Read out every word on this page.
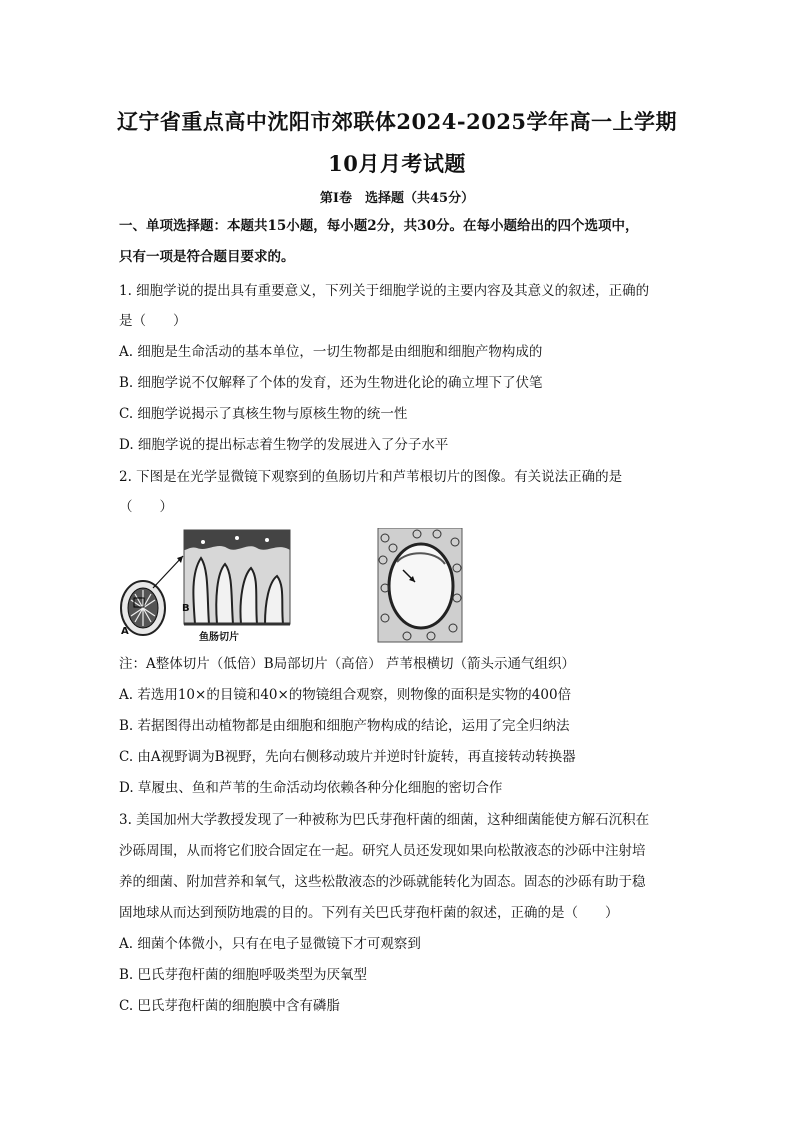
辽宁省重点高中沈阳市郊联体2024-2025学年高一上学期
10月月考试题
第Ⅰ卷　选择题（共45分）
一、单项选择题：本题共15小题，每小题2分，共30分。在每小题给出的四个选项中，
只有一项是符合题目要求的。
1. 细胞学说的提出具有重要意义，下列关于细胞学说的主要内容及其意义的叙述，正确的
是（　　）
A. 细胞是生命活动的基本单位，一切生物都是由细胞和细胞产物构成的
B. 细胞学说不仅解释了个体的发育，还为生物进化论的确立埋下了伏笔
C. 细胞学说揭示了真核生物与原核生物的统一性
D. 细胞学说的提出标志着生物学的发展进入了分子水平
2. 下图是在光学显微镜下观察到的鱼肠切片和芦苇根切片的图像。有关说法正确的是
（　　）
A
B
鱼肠切片
注：A整体切片（低倍）B局部切片（高倍） 芦苇根横切（箭头示通气组织）
A. 若选用10×的目镜和40×的物镜组合观察，则物像的面积是实物的400倍
B. 若据图得出动植物都是由细胞和细胞产物构成的结论，运用了完全归纳法
C. 由A视野调为B视野，先向右侧移动玻片并逆时针旋转，再直接转动转换器
D. 草履虫、鱼和芦苇的生命活动均依赖各种分化细胞的密切合作
3. 美国加州大学教授发现了一种被称为巴氏芽孢杆菌的细菌，这种细菌能使方解石沉积在
沙砾周围，从而将它们胶合固定在一起。研究人员还发现如果向松散液态的沙砾中注射培
养的细菌、附加营养和氧气，这些松散液态的沙砾就能转化为固态。固态的沙砾有助于稳
固地球从而达到预防地震的目的。下列有关巴氏芽孢杆菌的叙述，正确的是（　　）
A. 细菌个体微小，只有在电子显微镜下才可观察到
B. 巴氏芽孢杆菌的细胞呼吸类型为厌氧型
C. 巴氏芽孢杆菌的细胞膜中含有磷脂
